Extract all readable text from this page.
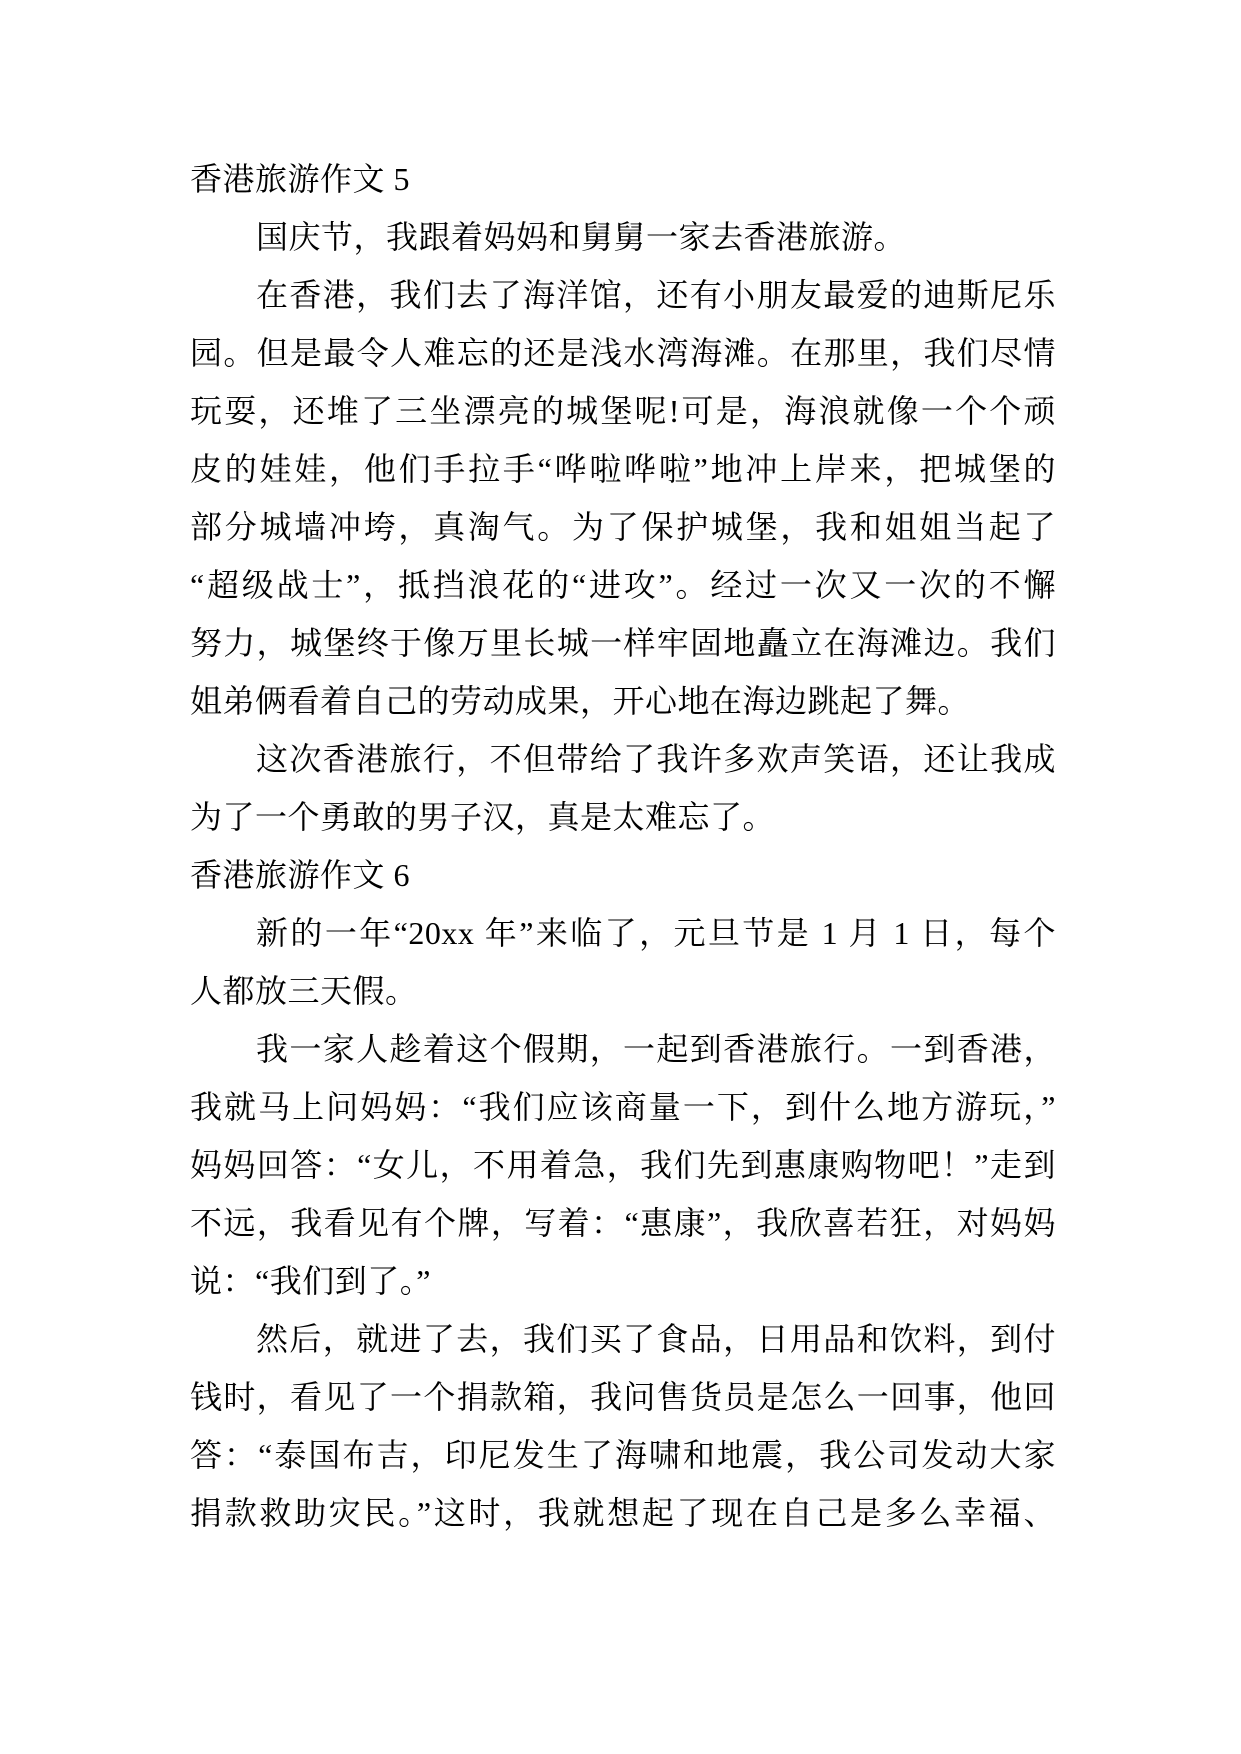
香港旅游作文 5
国庆节，我跟着妈妈和舅舅一家去香港旅游。
在香港，我们去了海洋馆，还有小朋友最爱的迪斯尼乐
园。但是最令人难忘的还是浅水湾海滩。在那里，我们尽情
玩耍，还堆了三坐漂亮的城堡呢!可是，海浪就像一个个顽
皮的娃娃，他们手拉手“哗啦哗啦”地冲上岸来，把城堡的
部分城墙冲垮，真淘气。为了保护城堡，我和姐姐当起了
“超级战士”，抵挡浪花的“进攻”。经过一次又一次的不懈
努力，城堡终于像万里长城一样牢固地矗立在海滩边。我们
姐弟俩看着自己的劳动成果，开心地在海边跳起了舞。
这次香港旅行，不但带给了我许多欢声笑语，还让我成
为了一个勇敢的男子汉，真是太难忘了。
香港旅游作文 6
新的一年“20xx 年”来临了，元旦节是 1 月 1 日，每个
人都放三天假。
我一家人趁着这个假期，一起到香港旅行。一到香港，
我就马上问妈妈：“我们应该商量一下，到什么地方游玩，”
妈妈回答：“女儿，不用着急，我们先到惠康购物吧！”走到
不远，我看见有个牌，写着：“惠康”，我欣喜若狂，对妈妈
说：“我们到了。”
然后，就进了去，我们买了食品，日用品和饮料，到付
钱时，看见了一个捐款箱，我问售货员是怎么一回事，他回
答：“泰国布吉，印尼发生了海啸和地震，我公司发动大家
捐款救助灾民。”这时，我就想起了现在自己是多么幸福、
